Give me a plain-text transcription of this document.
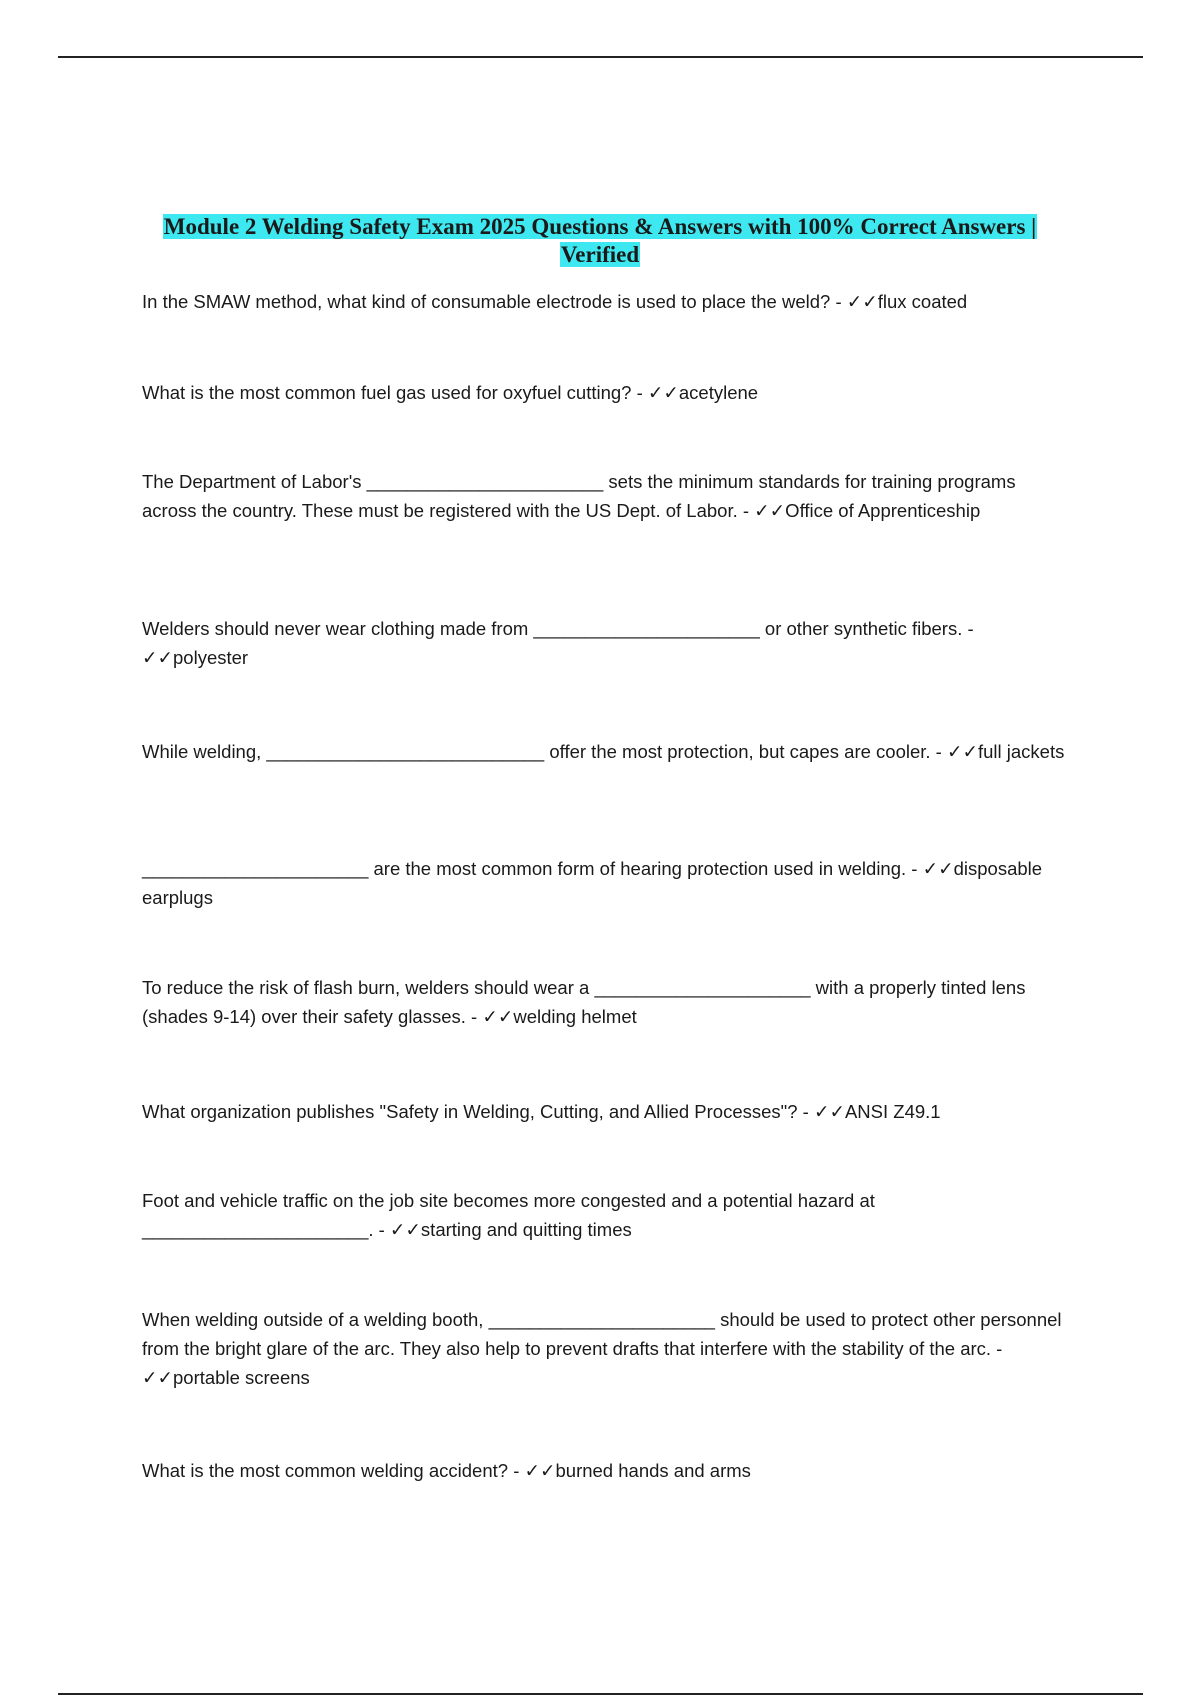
Module 2 Welding Safety Exam 2025 Questions & Answers with 100% Correct Answers | Verified

In the SMAW method, what kind of consumable electrode is used to place the weld? - ✓✓flux coated

What is the most common fuel gas used for oxyfuel cutting? - ✓✓acetylene

The Department of Labor's _______________________ sets the minimum standards for training programs across the country. These must be registered with the US Dept. of Labor. - ✓✓Office of Apprenticeship

Welders should never wear clothing made from ______________________ or other synthetic fibers. - ✓✓polyester

While welding, ___________________________ offer the most protection, but capes are cooler. - ✓✓full jackets

______________________ are the most common form of hearing protection used in welding. - ✓✓disposable earplugs

To reduce the risk of flash burn, welders should wear a _____________________ with a properly tinted lens (shades 9-14) over their safety glasses. - ✓✓welding helmet

What organization publishes "Safety in Welding, Cutting, and Allied Processes"? - ✓✓ANSI Z49.1

Foot and vehicle traffic on the job site becomes more congested and a potential hazard at ______________________. - ✓✓starting and quitting times

When welding outside of a welding booth, ______________________ should be used to protect other personnel from the bright glare of the arc. They also help to prevent drafts that interfere with the stability of the arc. - ✓✓portable screens

What is the most common welding accident? - ✓✓burned hands and arms
